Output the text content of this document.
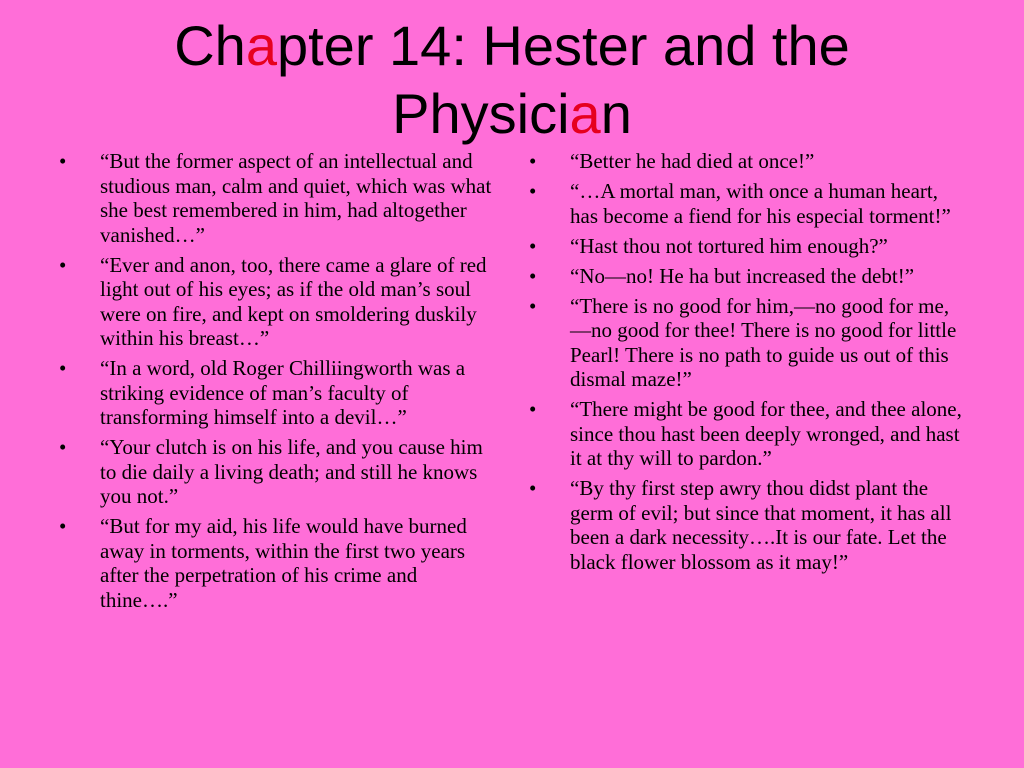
Chapter 14: Hester and the
Physician
• “But the former aspect of an intellectual and studious man, calm and quiet, which was what she best remembered in him, had altogether vanished…”
• “Ever and anon, too, there came a glare of red light out of his eyes; as if the old man’s soul were on fire, and kept on smoldering duskily within his breast…”
• “In a word, old Roger Chilliingworth was a striking evidence of man’s faculty of transforming himself into a devil…”
• “Your clutch is on his life, and you cause him to die daily a living death; and still he knows you not.”
• “But for my aid, his life would have burned away in torments, within the first two years after the perpetration of his crime and thine….”
• “Better he had died at once!”
• “…A mortal man, with once a human heart, has become a fiend for his especial torment!”
• “Hast thou not tortured him enough?”
• “No—no! He ha but increased the debt!”
• “There is no good for him,—no good for me,—no good for thee! There is no good for little Pearl! There is no path to guide us out of this dismal maze!”
• “There might be good for thee, and thee alone, since thou hast been deeply wronged, and hast it at thy will to pardon.”
• “By thy first step awry thou didst plant the germ of evil; but since that moment, it has all been a dark necessity….It is our fate. Let the black flower blossom as it may!”
